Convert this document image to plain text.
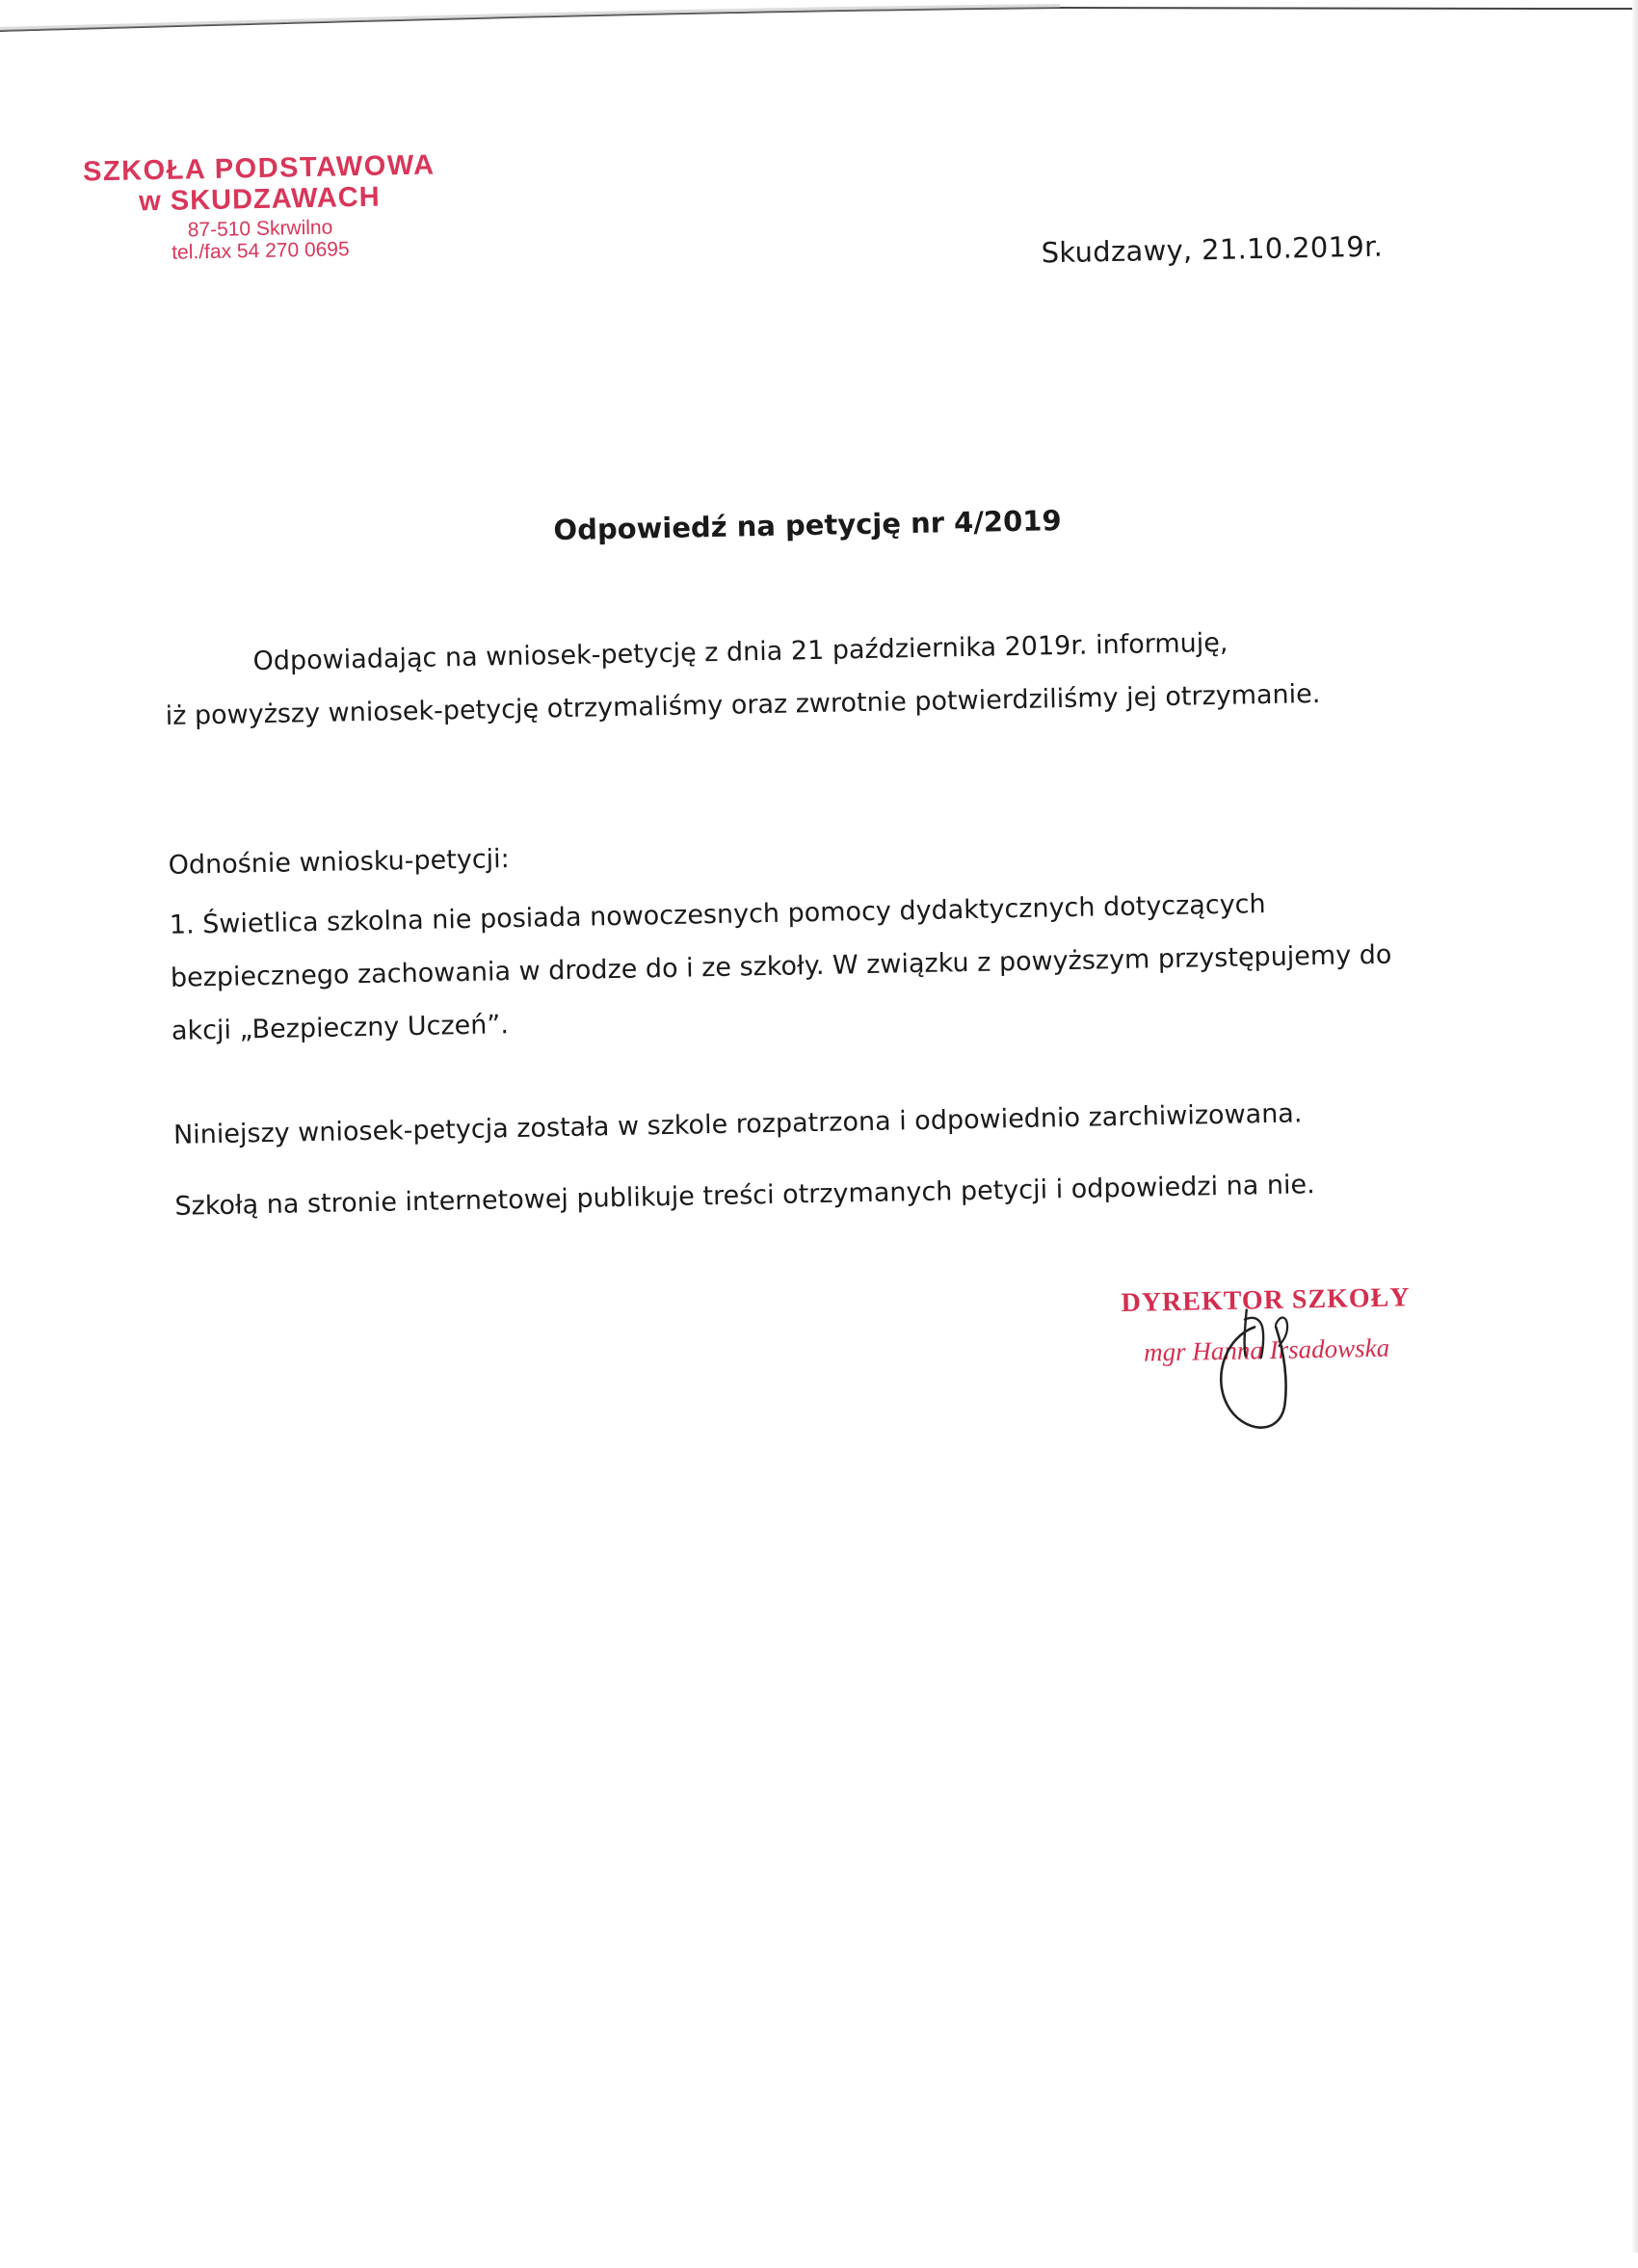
SZKOŁA PODSTAWOWA
w SKUDZAWACH
87-510 Skrwilno
tel./fax 54 270 0695	Skudzawy, 21.10.2019r.
Odpowiedź na petycję nr 4/2019
Odpowiadając na wniosek-petycję z dnia 21 października 2019r. informuję,
iż powyższy wniosek-petycję otrzymaliśmy oraz zwrotnie potwierdziliśmy jej otrzymanie.
Odnośnie wniosku-petycji:
1. Świetlica szkolna nie posiada nowoczesnych pomocy dydaktycznych dotyczących
bezpiecznego zachowania w drodze do i ze szkoły. W związku z powyższym przystępujemy do
akcji „Bezpieczny Uczeń”.
Niniejszy wniosek-petycja została w szkole rozpatrzona i odpowiednio zarchiwizowana.
Szkołą na stronie internetowej publikuje treści otrzymanych petycji i odpowiedzi na nie.
DYREKTOR SZKOŁY
mgr Hanna Irsadowska
